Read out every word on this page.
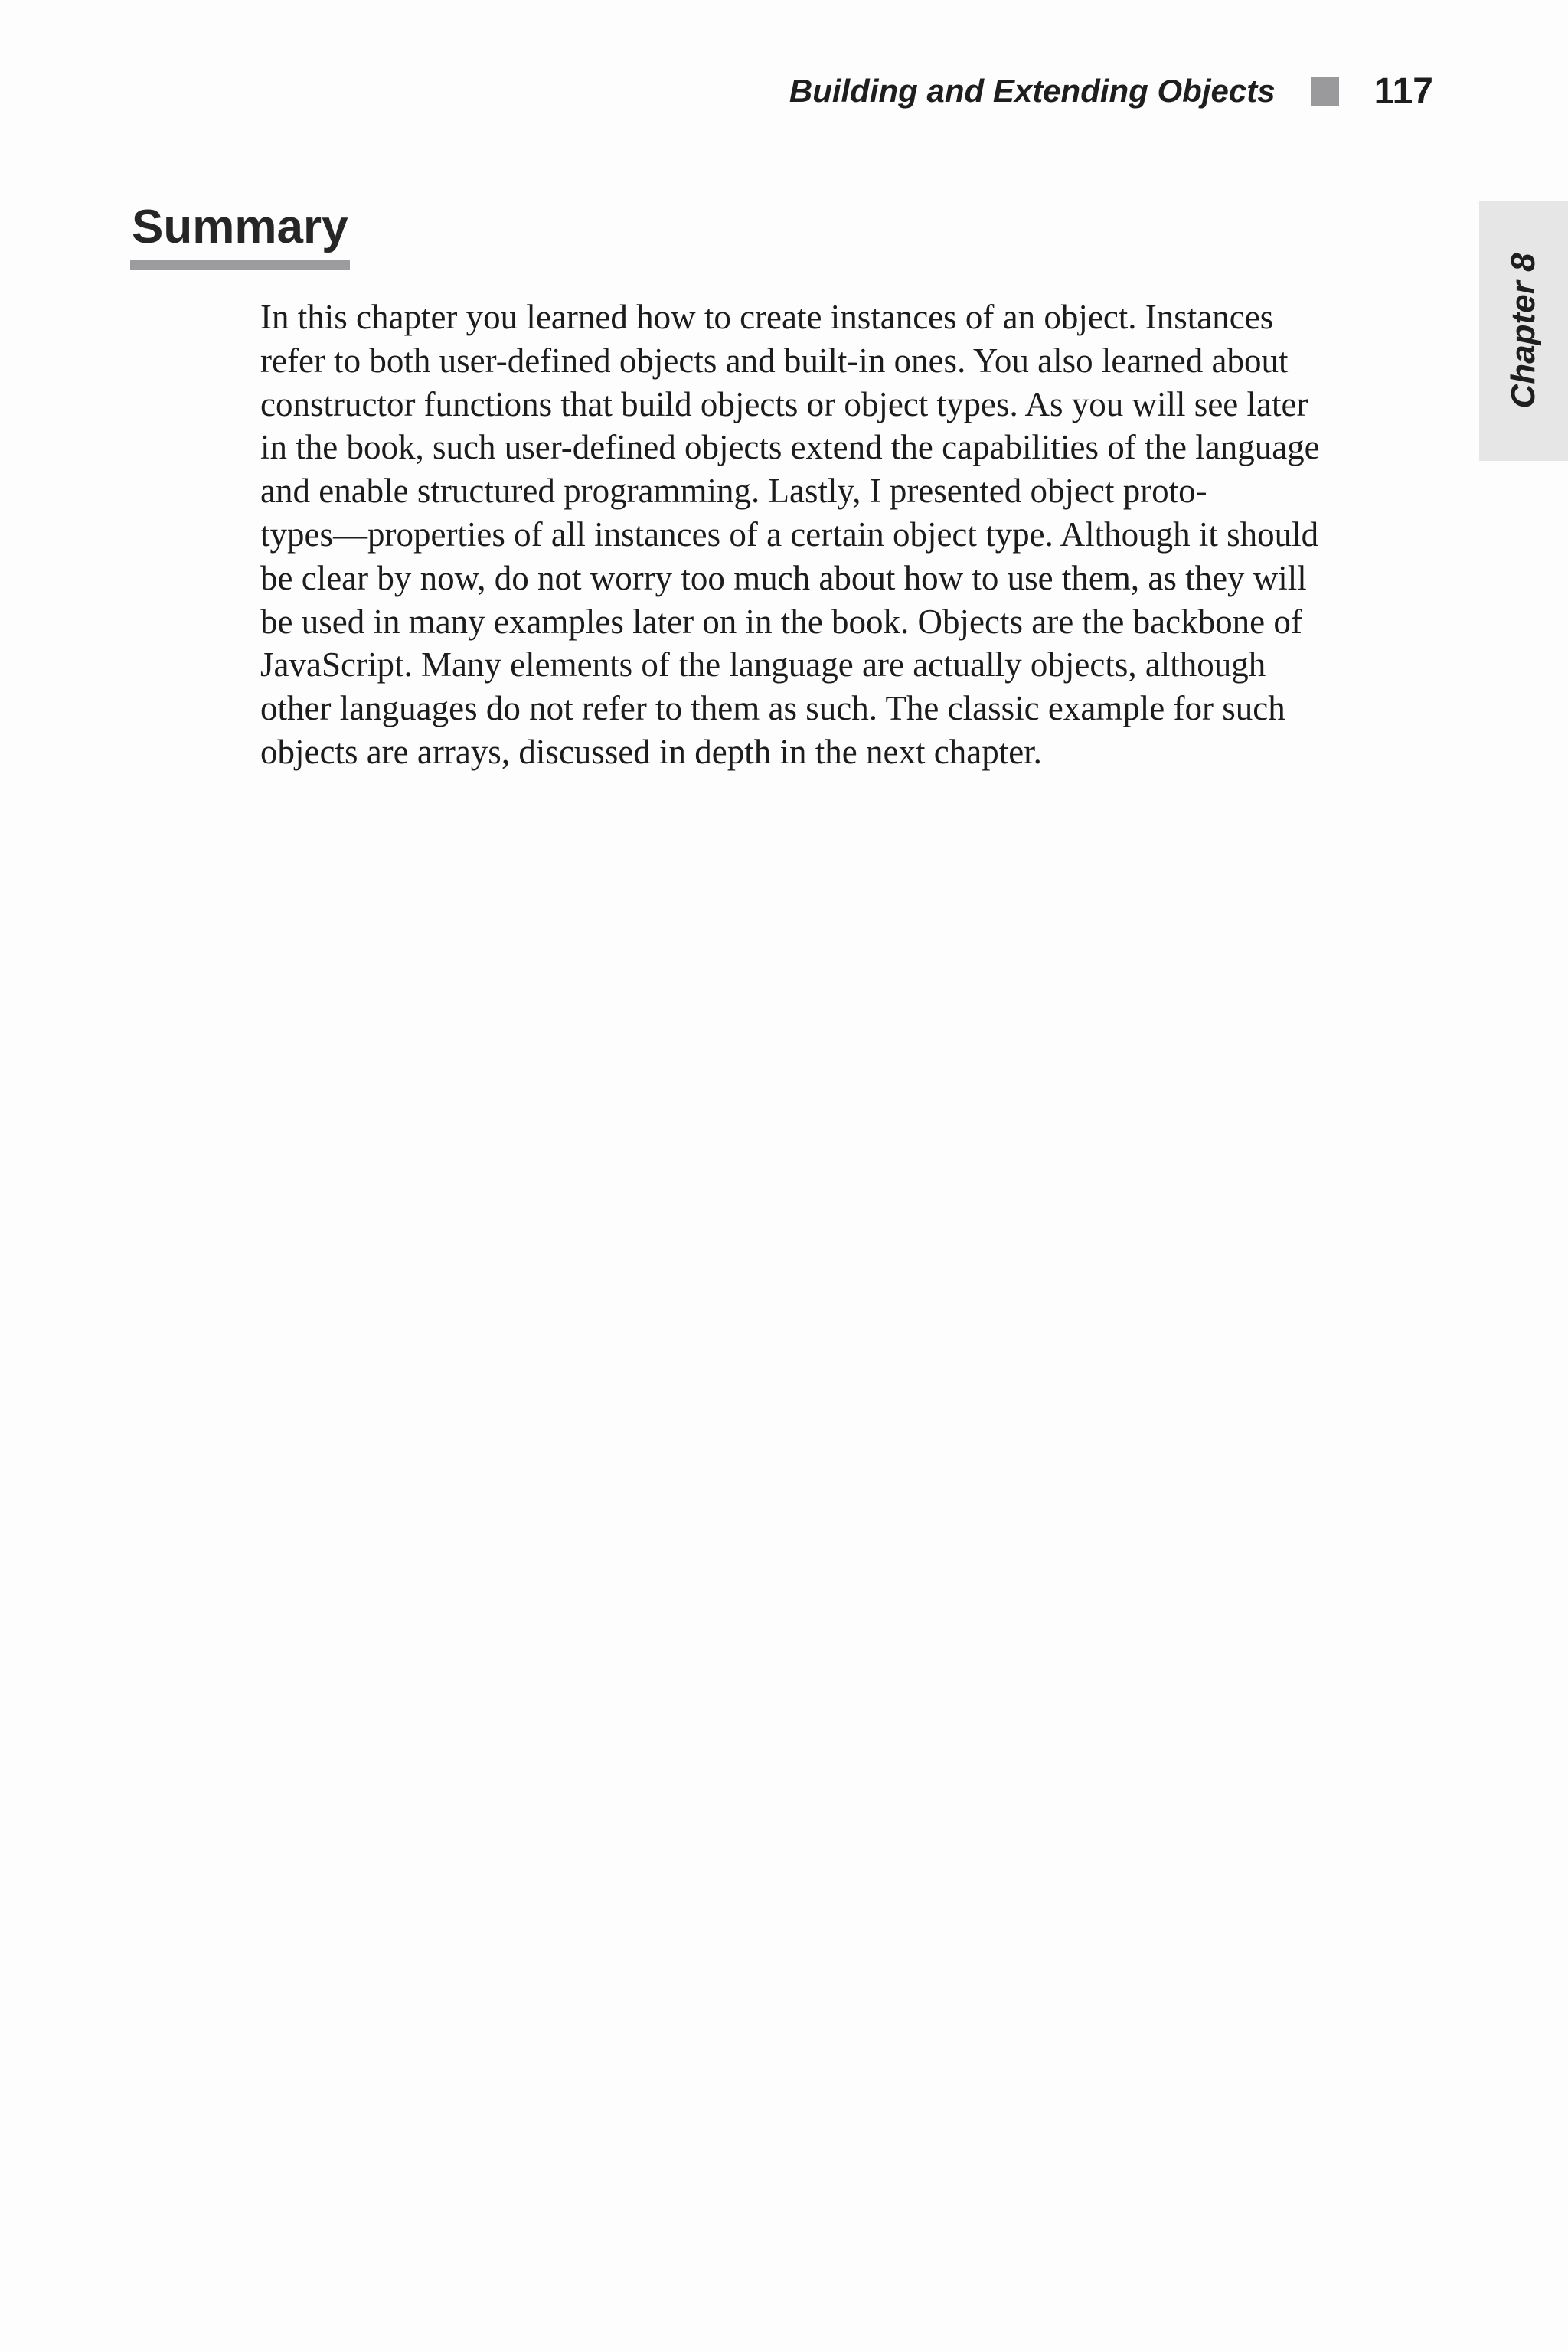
Building and Extending Objects	117
Chapter 8
Summary

In this chapter you learned how to create instances of an object. Instances
refer to both user-defined objects and built-in ones. You also learned about
constructor functions that build objects or object types. As you will see later
in the book, such user-defined objects extend the capabilities of the language
and enable structured programming. Lastly, I presented object proto-
types—properties of all instances of a certain object type. Although it should
be clear by now, do not worry too much about how to use them, as they will
be used in many examples later on in the book. Objects are the backbone of
JavaScript. Many elements of the language are actually objects, although
other languages do not refer to them as such. The classic example for such
objects are arrays, discussed in depth in the next chapter.
